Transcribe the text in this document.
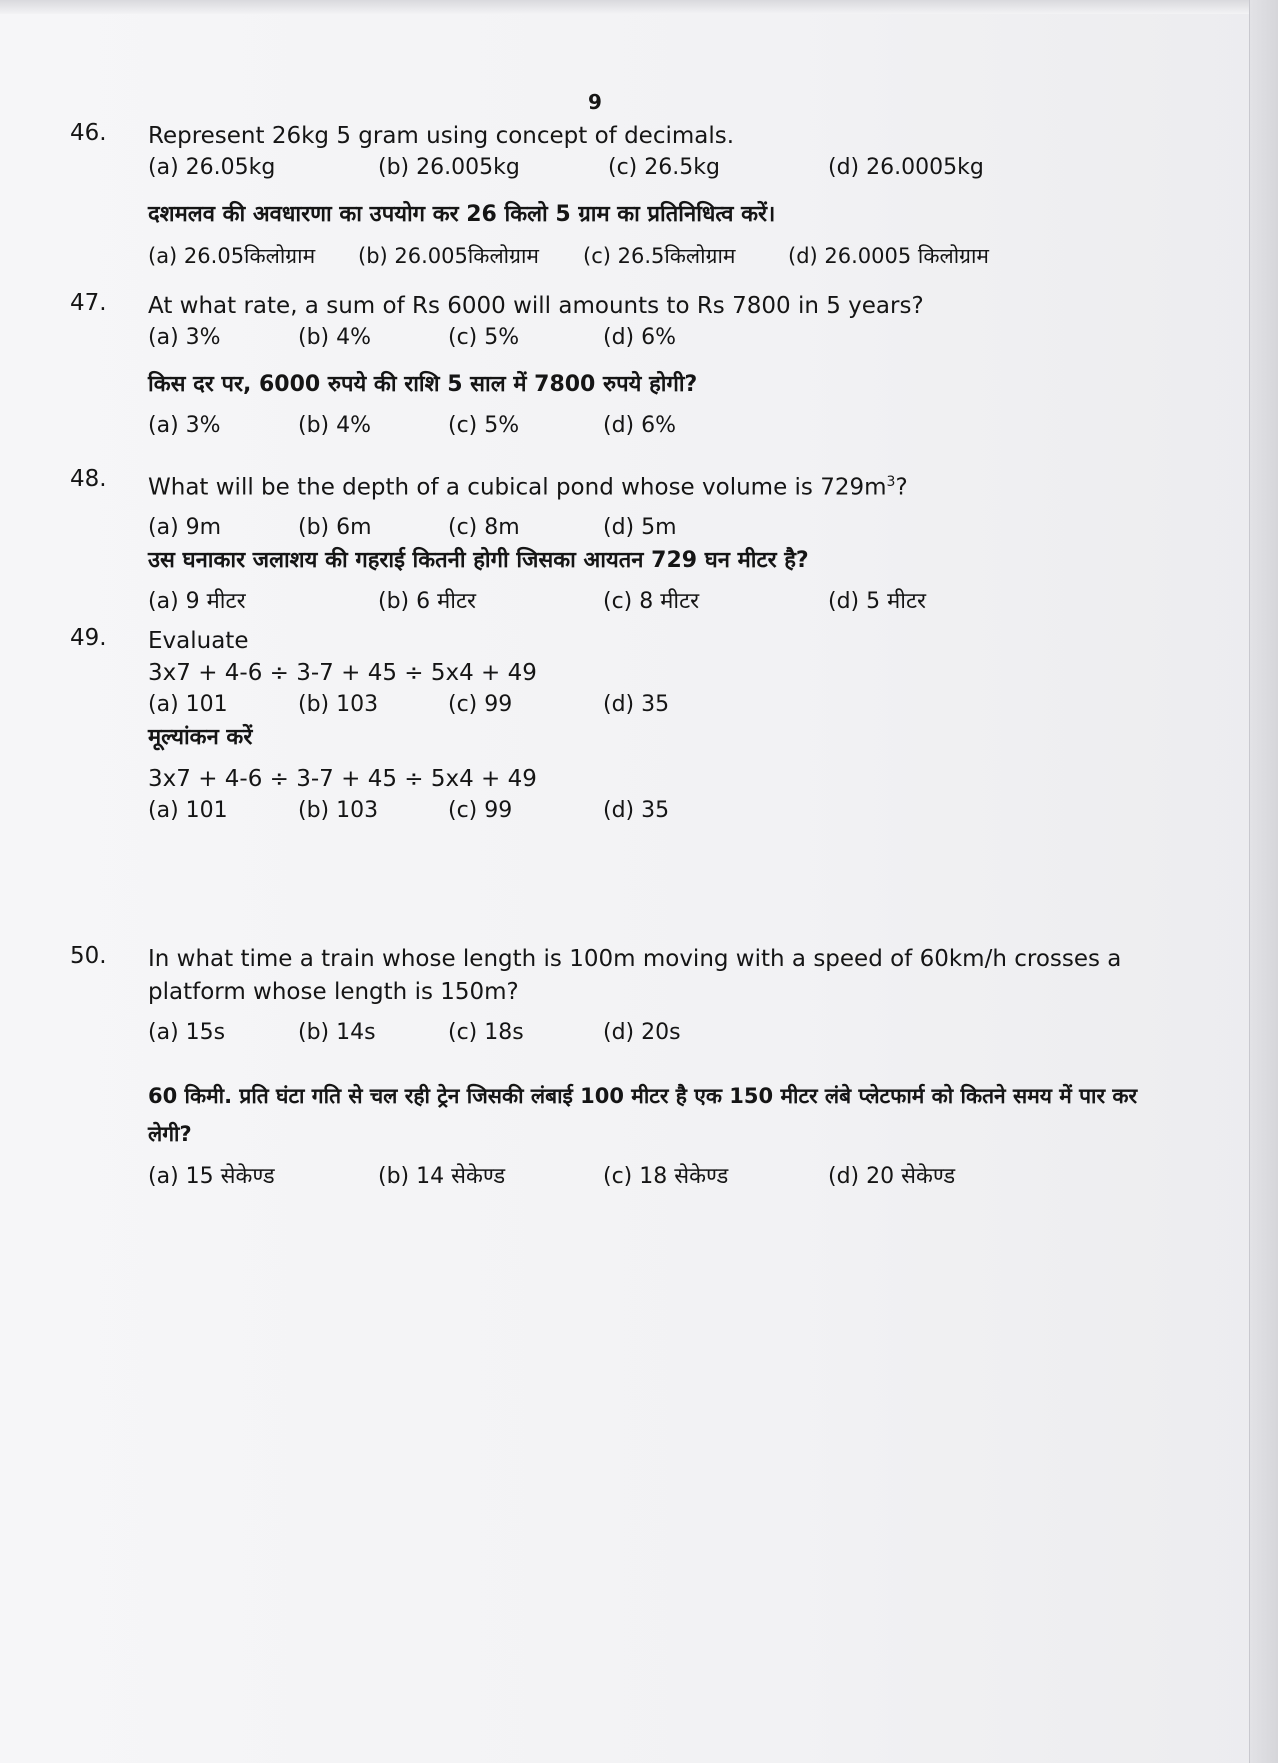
9
46. Represent 26kg 5 gram using concept of decimals.
(a) 26.05kg	(b) 26.005kg	(c) 26.5kg	(d) 26.0005kg
दशमलव की अवधारणा का उपयोग कर 26 किलो 5 ग्राम का प्रतिनिधित्व करें।
(a) 26.05किलोग्राम (b) 26.005किलोग्राम (c) 26.5किलोग्राम	(d) 26.0005 किलोग्राम
47. At what rate, a sum of Rs 6000 will amounts to Rs 7800 in 5 years?
(a) 3%	(b) 4%	(c) 5%	(d) 6%
किस दर पर, 6000 रुपये की राशि 5 साल में 7800 रुपये होगी?
(a) 3%	(b) 4%	(c) 5%	(d) 6%
48. What will be the depth of a cubical pond whose volume is $729m^3$?
(a) 9m	(b) 6m	(c) 8m	(d) 5m
उस घनाकार जलाशय की गहराई कितनी होगी जिसका आयतन 729 घन मीटर है?
(a) 9 मीटर	(b) 6 मीटर	(c) 8 मीटर	(d) 5 मीटर
49. Evaluate
3x7 + 4-6 ÷ 3-7 + 45 ÷ 5x4 + 49
(a) 101	(b) 103	(c) 99	(d) 35
मूल्यांकन करें
3x7 + 4-6 ÷ 3-7 + 45 ÷ 5x4 + 49
(a) 101	(b) 103	(c) 99	(d) 35
50. In what time a train whose length is 100m moving with a speed of 60km/h crosses a platform whose length is 150m?
(a) 15s	(b) 14s	(c) 18s	(d) 20s
60 किमी. प्रति घंटा गति से चल रही ट्रेन जिसकी लंबाई 100 मीटर है एक 150 मीटर लंबे प्लेटफार्म को कितने समय में पार कर लेगी?
(a) 15 सेकेण्ड	(b) 14 सेकेण्ड	(c) 18 सेकेण्ड	(d) 20 सेकेण्ड
